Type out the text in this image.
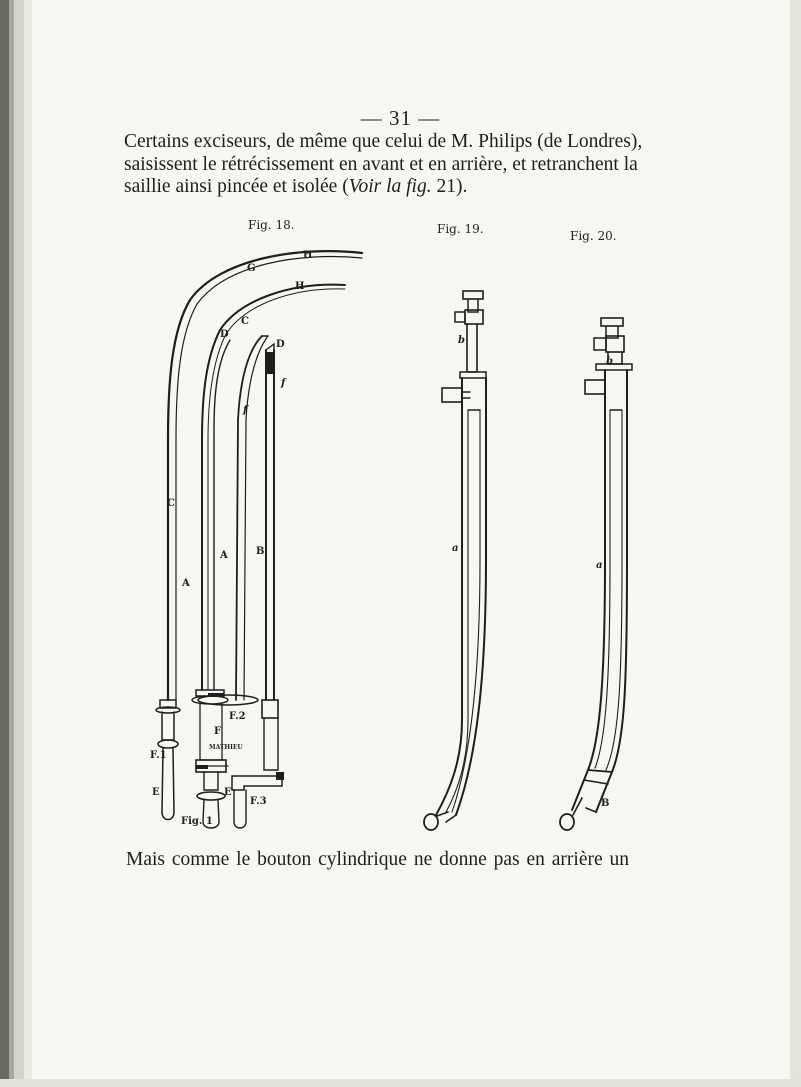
— 31 —
Certains exciseurs, de même que celui de M. Philips (de Londres),
saisissent le rétrécissement en avant et en arrière, et retranchent la
saillie ainsi pincée et isolée (Voir la fig. 21).
Fig. 18.	Fig. 19.	Fig. 20.
H
G
H
C
D
D
f
f
C
A	B
A
F.2
F
F.1
MATHIEU
E	E
F.3
Fig. 1
b
a
b
a
B
Mais comme le bouton cylindrique ne donne pas en arrière un
